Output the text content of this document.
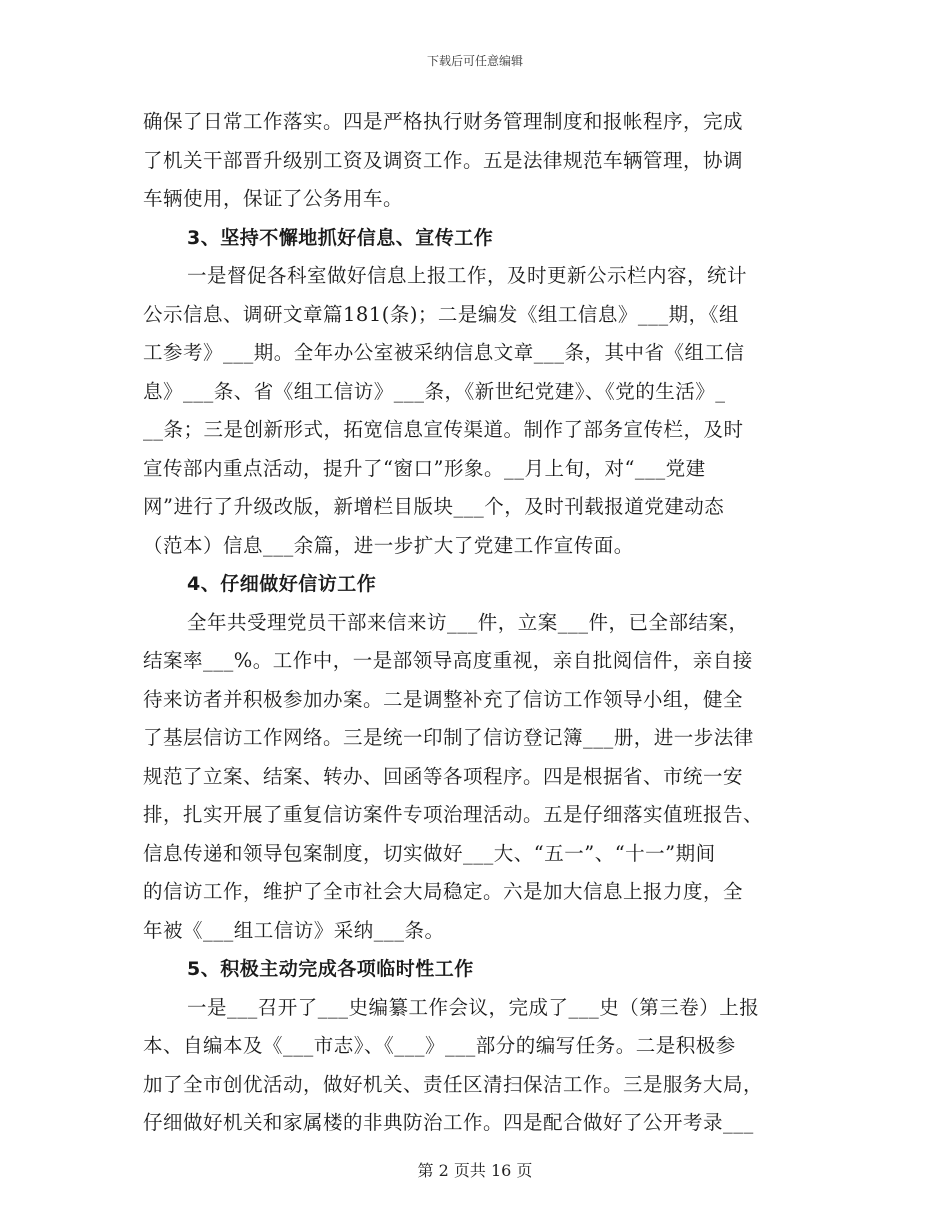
下载后可任意编辑
确保了日常工作落实。四是严格执行财务管理制度和报帐程序，完成
了机关干部晋升级别工资及调资工作。五是法律规范车辆管理，协调
车辆使用，保证了公务用车。
3、坚持不懈地抓好信息、宣传工作
一是督促各科室做好信息上报工作，及时更新公示栏内容，统计
公示信息、调研文章篇181(条)；二是编发《组工信息》___期，《组
工参考》___期。全年办公室被采纳信息文章___条，其中省《组工信
息》___条、省《组工信访》___条，《新世纪党建》、《党的生活》_
__条；三是创新形式，拓宽信息宣传渠道。制作了部务宣传栏，及时
宣传部内重点活动，提升了“窗口”形象。__月上旬，对“___党建
网”进行了升级改版，新增栏目版块___个，及时刊载报道党建动态
（范本）信息___余篇，进一步扩大了党建工作宣传面。
4、仔细做好信访工作
全年共受理党员干部来信来访___件，立案___件，已全部结案，
结案率___%。工作中，一是部领导高度重视，亲自批阅信件，亲自接
待来访者并积极参加办案。二是调整补充了信访工作领导小组，健全
了基层信访工作网络。三是统一印制了信访登记簿___册，进一步法律
规范了立案、结案、转办、回函等各项程序。四是根据省、市统一安
排，扎实开展了重复信访案件专项治理活动。五是仔细落实值班报告、
信息传递和领导包案制度，切实做好___大、“五一”、“十一”期间
的信访工作，维护了全市社会大局稳定。六是加大信息上报力度，全
年被《___组工信访》采纳___条。
5、积极主动完成各项临时性工作
一是___召开了___史编纂工作会议，完成了___史（第三卷）上报
本、自编本及《___市志》、《___》___部分的编写任务。二是积极参
加了全市创优活动，做好机关、责任区清扫保洁工作。三是服务大局，
仔细做好机关和家属楼的非典防治工作。四是配合做好了公开考录___
第 2 页共 16 页
